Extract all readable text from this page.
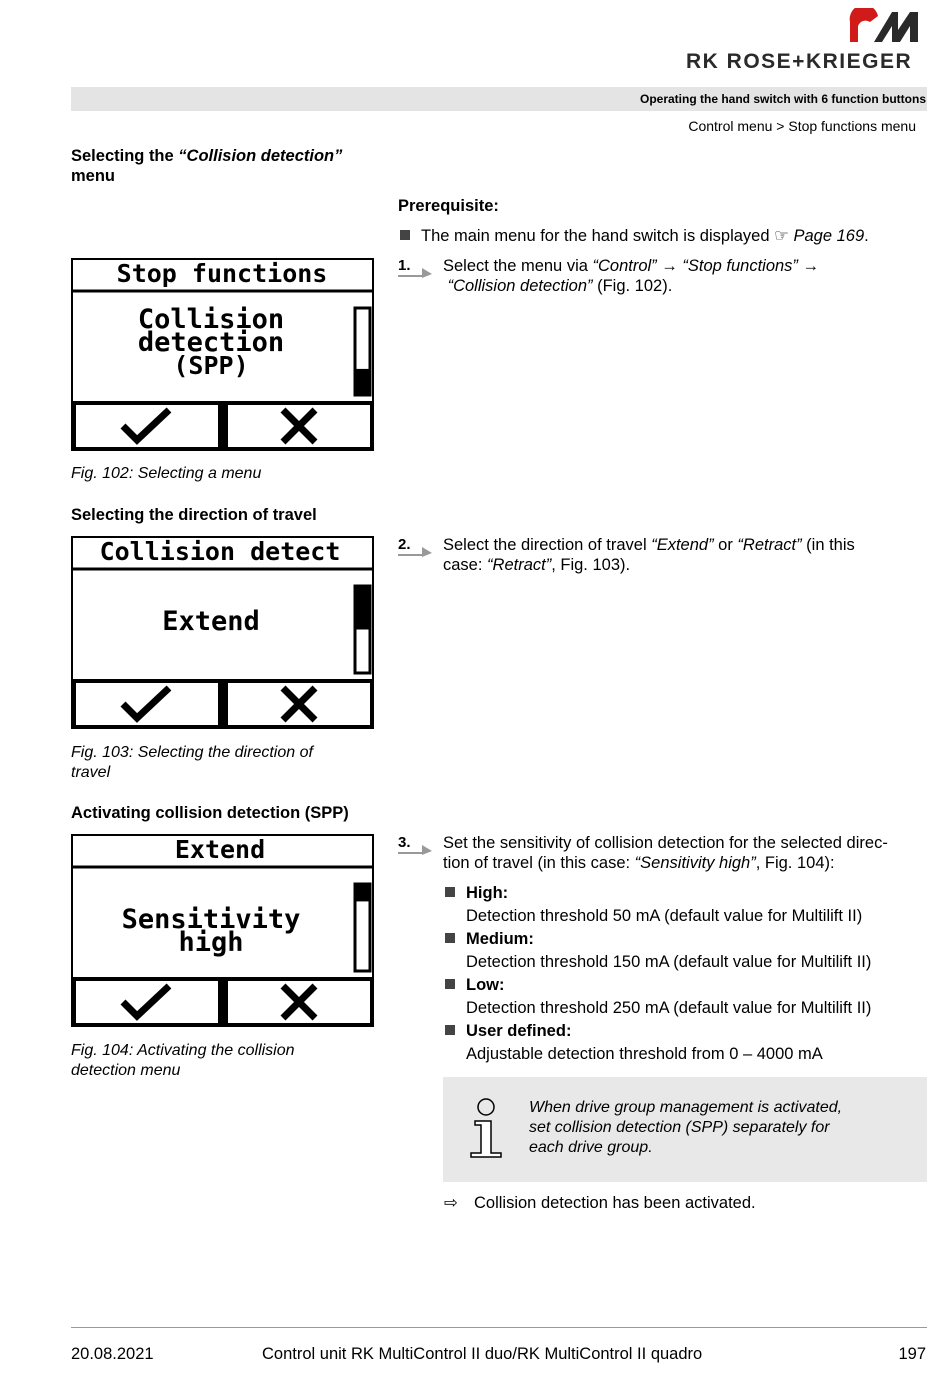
RK ROSE+KRIEGER
Operating the hand switch with 6 function buttons
Control menu > Stop functions menu
Selecting the “Collision detection”
menu
Stop functions
Collision
detection
(SPP)
Fig. 102: Selecting a menu
Prerequisite:
The main menu for the hand switch is displayed ☞ Page 169.
1. Select the menu via “Control” → “Stop functions” →
“Collision detection” (Fig. 102).
Selecting the direction of travel
Collision detect
Extend
Fig. 103: Selecting the direction of
travel
2. Select the direction of travel “Extend” or “Retract” (in this
case: “Retract”, Fig. 103).
Activating collision detection (SPP)
Extend
Sensitivity
high
Fig. 104: Activating the collision
detection menu
3. Set the sensitivity of collision detection for the selected direc-
tion of travel (in this case: “Sensitivity high”, Fig. 104):
High:
Detection threshold 50 mA (default value for Multilift II)
Medium:
Detection threshold 150 mA (default value for Multilift II)
Low:
Detection threshold 250 mA (default value for Multilift II)
User defined:
Adjustable detection threshold from 0 – 4000 mA
When drive group management is activated,
set collision detection (SPP) separately for
each drive group.
⇨ Collision detection has been activated.
20.08.2021	Control unit RK MultiControl II duo/RK MultiControl II quadro	197
